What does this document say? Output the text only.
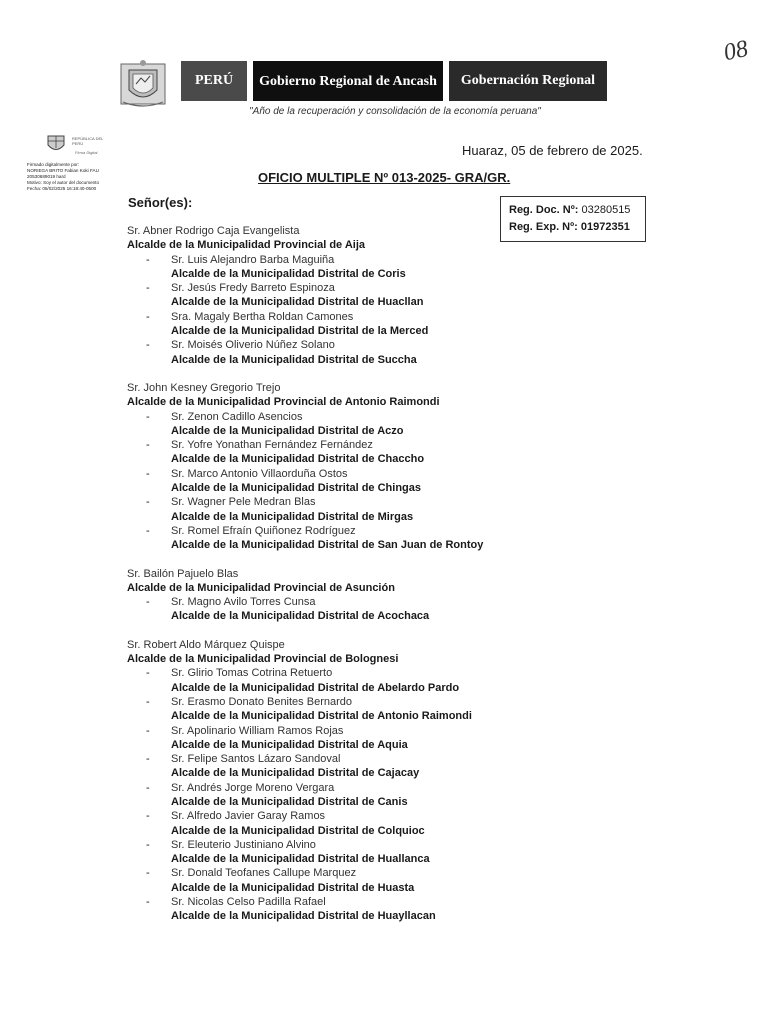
PERÚ	Gobierno Regional de Ancash	Gobernación Regional
"Año de la recuperación y consolidación de la economía peruana"
08
REPÚBLICA DEL PERÚ
Firma Digital
Firmado digitalmente por:
NORIEGA BRITO Fabian Koki FAU
20530689019 hard
Motivo: Soy el autor del documento
Fecha: 05/02/2025 16:18:40-0500
Huaraz, 05 de febrero de 2025.
OFICIO MULTIPLE Nº 013-2025- GRA/GR.
Señor(es):	Reg. Doc. Nº: 03280515
Reg. Exp. Nº: 01972351
Sr. Abner Rodrigo Caja Evangelista
Alcalde de la Municipalidad Provincial de Aija
- Sr. Luis Alejandro Barba Maguiña
Alcalde de la Municipalidad Distrital de Coris
- Sr. Jesús Fredy Barreto Espinoza
Alcalde de la Municipalidad Distrital de Huacllan
- Sra. Magaly Bertha Roldan Camones
Alcalde de la Municipalidad Distrital de la Merced
- Sr. Moisés Oliverio Núñez Solano
Alcalde de la Municipalidad Distrital de Succha
Sr. John Kesney Gregorio Trejo
Alcalde de la Municipalidad Provincial de Antonio Raimondi
- Sr. Zenon Cadillo Asencios
Alcalde de la Municipalidad Distrital de Aczo
- Sr. Yofre Yonathan Fernández Fernández
Alcalde de la Municipalidad Distrital de Chaccho
- Sr. Marco Antonio Villaorduña Ostos
Alcalde de la Municipalidad Distrital de Chingas
- Sr. Wagner Pele Medran Blas
Alcalde de la Municipalidad Distrital de Mirgas
- Sr. Romel Efraín Quiñonez Rodríguez
Alcalde de la Municipalidad Distrital de San Juan de Rontoy
Sr. Bailón Pajuelo Blas
Alcalde de la Municipalidad Provincial de Asunción
- Sr. Magno Avilo Torres Cunsa
Alcalde de la Municipalidad Distrital de Acochaca
Sr. Robert Aldo Márquez Quispe
Alcalde de la Municipalidad Provincial de Bolognesi
- Sr. Glirio Tomas Cotrina Retuerto
Alcalde de la Municipalidad Distrital de Abelardo Pardo
- Sr. Erasmo Donato Benites Bernardo
Alcalde de la Municipalidad Distrital de Antonio Raimondi
- Sr. Apolinario William Ramos Rojas
Alcalde de la Municipalidad Distrital de Aquia
- Sr. Felipe Santos Lázaro Sandoval
Alcalde de la Municipalidad Distrital de Cajacay
- Sr. Andrés Jorge Moreno Vergara
Alcalde de la Municipalidad Distrital de Canis
- Sr. Alfredo Javier Garay Ramos
Alcalde de la Municipalidad Distrital de Colquioc
- Sr. Eleuterio Justiniano Alvino
Alcalde de la Municipalidad Distrital de Huallanca
- Sr. Donald Teofanes Callupe Marquez
Alcalde de la Municipalidad Distrital de Huasta
- Sr. Nicolas Celso Padilla Rafael
Alcalde de la Municipalidad Distrital de Huayllacan
